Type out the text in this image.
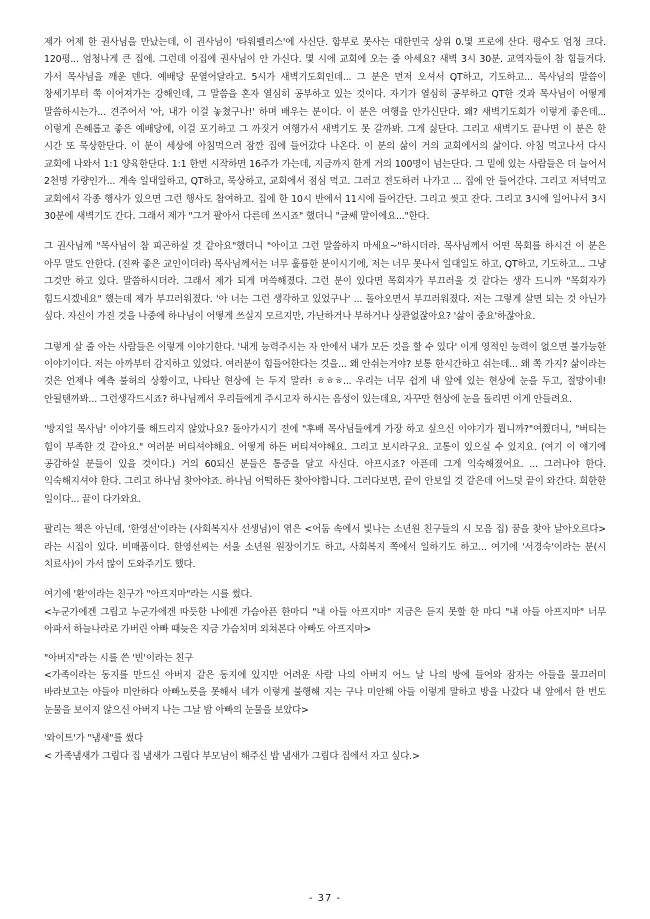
제가 어제 한 권사님을 만났는데, 이 권사님이 '타워펠리스'에 사신단. 함부로 못사는 대한민국 상위 0.몇 프로에 산다. 평수도 엄청 크다. 120평... 엄청나게 큰 집에. 그런데 이집에 권사님이 안 가신다. 몇 시에 교회에 오는 줄 아세요? 새벽 3시 30분. 교역자들이 참 힘들거다. 가서 목사님을 깨운 덴다. 예배당 문열어달라고. 5시가 새벽기도회인데... 그 분은 먼저 오셔서 QT하고, 기도하고... 목사님의 말씀이 창세기부터 쭉 이어져가는 강해인데, 그 말씀을 혼자 열심히 공부하고 있는 것이다. 자기가 열심히 공부하고 QT한 것과 목사님이 어떻게 말씀하시는가... 견주어서 '아, 내가 이걸 놓쳤구나!' 하며 배우는 분이다. 이 분은 여행을 안가신단다. 왜? 새벽기도회가 이렇게 좋은데... 이렇게 은혜롭고 좋은 예배당에, 이걸 포기하고 그 까짓거 여행가서 새벽기도 못 갈까봐. 그게 싫단다. 그리고 새벽기도 끝나면 이 분은 한 시간 또 묵상한단다. 이 분이 세상에 아침먹으러 잠깐 집에 들어갔다 나온다. 이 분의 삶이 거의 교회에서의 삶이다. 아침 먹고나서 다시 교회에 나와서 1:1 양육한단다. 1:1 한번 시작하면 16주가 가는데, 지금까지 한게 거의 100명이 넘는단다. 그 밑에 있는 사람들은 더 늘어서 2천명 가량인가... 계속 일대일하고, QT하고, 묵상하고, 교회에서 점심 먹고. 그러고 전도하러 나가고 ... 집에 안 들어간다. 그리고 저녁먹고 교회에서 각종 행사가 있으면 그런 행사도 참여하고. 집에 한 10시 반에서 11시에 들어간단. 그리고 씻고 잔다. 그리고 3시에 일어나서 3시 30분에 새벽기도 간다. 그래서 제가 "그거 팔아서 다른데 쓰시죠" 했더니 "글쎄 말이에요..."한다.

그 권사님께 "목사님이 참 피곤하실 것 같아요"했더니 "아이고 그런 말씀하지 마세요~"하시더라. 목사님께서 어떤 목회를 하시건 이 분은 아무 말도 안한다. (진짜 좋은 교인이더라) 목사님께서는 너무 훌륭한 분이시기에, 저는 너무 못나서 일대일도 하고, QT하고, 기도하고... 그냥 그것만 하고 있다. 말씀하시더라. 그래서 제가 되게 머쓱해졌다. 그런 분이 있다면 목회자가 부끄러울 것 같다는 생각 드니까 "목회자가 힘드시겠네요" 했는데 제가 부끄러워졌다. '아 너는 그런 생각하고 있었구나' ... 돌아오면서 부끄러워졌다. 저는 그렇게 살면 되는 것 아닌가 싶다. 자신이 가진 것을 나중에 하나님이 어떻게 쓰실지 모르지만, 가난하거나 부하거나 상관없잖아요? '삶이 중요'하잖아요.

그렇게 살 줄 아는 사람들은 이렇게 이야기한다. '내게 능력주시는 자 안에서 내가 모든 것을 할 수 있다' 이게 영적인 능력이 없으면 불가능한 이야기이다. 저는 아까부터 감지하고 있었다. 여러분이 힘들어한다는 것을... 왜 안쉬는거야? 보통 한시간하고 쉬는데... 왜 쪽 가지? 삶이라는 것은 언제나 예측 불허의 상황이고, 나타난 현상에 는 두지 말라! ㅎㅎㅎ... 우리는 너무 쉽게 내 앞에 있는 현상에 눈을 두고, 절망이네! 안될텐까봐... 그런생각드시죠? 하나님께서 우리들에게 주시고자 하시는 음성이 있는데요, 자꾸만 현상에 눈을 돌리면 이게 안들려요.

'방지일 목사님' 이야기를 해드리지 않았나요? 돌아가시기 전에 "후배 목사님들에게 가장 하고 싶으신 이야기가 뭡니까?"여쭸더니, "버티는 힘이 부족한 것 같아요." 여러분 버티셔야해요. 어떻게 하든 버티셔야해요. 그리고 보시라구요. 고통이 있으실 수 있지요. (여기 이 얘기에 공감하실 분들이 있을 것이다.) 거의 60되신 분들은 통증을 달고 사신다. 아프시죠? 아픈데 그게 익숙해졌어요. ... 그러나야 한다. 익숙해지셔야 한다. 그리고 하나님 찾아야죠. 하나님 어떡하든 찾아야합니다. 그러다보면, 끝이 안보일 것 같은데 어느덧 끝이 와간다. 희한한 일이다... 끝이 다가와요.

팔리는 책은 아닌데, '한영선'이라는 (사회복지사 선생님)이 엮은 <어둠 속에서 빛나는 소년원 친구들의 시 모음 집) 꿈을 찾아 날아오르다>라는 시집이 있다. 비매품이다. 한영선씨는 서울 소년원 원장이기도 하고, 사회복지 쪽에서 일하기도 하고... 여기에 '서경숙'이라는 분(시 치료사)이 가서 많이 도와주기도 했다.

여기에 '환'이라는 친구가 "아프지마"라는 시를 썼다.
<누군가에겐 그립고 누군가에겐 따듯한 나에겐 가슴아픈 한마디 "내 아들 아프지마" 지금은 듣지 못할 한 마디 "내 아들 아프지마" 너무 아파서 하늘나라로 가버린 아빠 때늦은 지금 가슴치며 외쳐본다 아빠도 아프지마>

"아버지"라는 시를 쓴 '빈'이라는 친구
<가족이라는 동지를 만드신 아버지 같은 동지에 있지만 어려운 사람 나의 아버지 어느 날 나의 방에 들어와 잠자는 아들을 물끄러미 바라보고는 아들아 미안하다 아빠노릇을 못해서 네가 이렇게 불행해 지는 구나 미안해 아들 이렇게 말하고 방을 나갔다 내 앞에서 한 번도 눈물을 보이지 않으신 아버지 나는 그날 밤 아빠의 눈물을 보았다>

'와이트'가 "냄새"를 썼다
< 가족냄새가 그립다 집 냄새가 그립다 부모님이 해주신 밥 냄새가 그립다 집에서 자고 싶다.>

- 37 -
